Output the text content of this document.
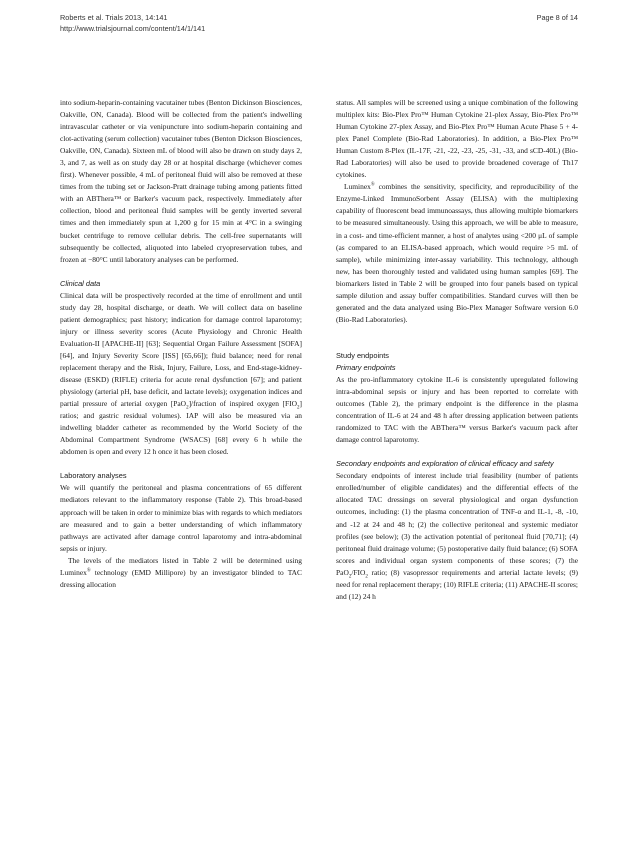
Roberts et al. Trials 2013, 14:141
http://www.trialsjournal.com/content/14/1/141
Page 8 of 14

into sodium-heparin-containing vacutainer tubes (Benton Dickinson Biosciences, Oakville, ON, Canada). Blood will be collected from the patient's indwelling intravascular catheter or via venipuncture into sodium-heparin containing and clot-activating (serum collection) vacutainer tubes (Benton Dickson Biosciences, Oakville, ON, Canada). Sixteen mL of blood will also be drawn on study days 2, 3, and 7, as well as on study day 28 or at hospital discharge (whichever comes first). Whenever possible, 4 mL of peritoneal fluid will also be removed at these times from the tubing set or Jackson-Pratt drainage tubing among patients fitted with an ABThera™ or Barker's vacuum pack, respectively. Immediately after collection, blood and peritoneal fluid samples will be gently inverted several times and then immediately spun at 1,200 g for 15 min at 4°C in a swinging bucket centrifuge to remove cellular debris. The cell-free supernatants will subsequently be collected, aliquoted into labeled cryopreservation tubes, and frozen at −80°C until laboratory analyses can be performed.

Clinical data

Clinical data will be prospectively recorded at the time of enrollment and until study day 28, hospital discharge, or death. We will collect data on baseline patient demographics; past history; indication for damage control laparotomy; injury or illness severity scores (Acute Physiology and Chronic Health Evaluation-II [APACHE-II] [63]; Sequential Organ Failure Assessment [SOFA] [64], and Injury Severity Score [ISS] [65,66]); fluid balance; need for renal replacement therapy and the Risk, Injury, Failure, Loss, and End-stage-kidney-disease (ESKD) (RIFLE) criteria for acute renal dysfunction [67]; and patient physiology (arterial pH, base deficit, and lactate levels); oxygenation indices and partial pressure of arterial oxygen [PaO$_2$]/fraction of inspired oxygen $[FIO_2]$ ratios; and gastric residual volumes). IAP will also be measured via an indwelling bladder catheter as recommended by the World Society of the Abdominal Compartment Syndrome (WSACS) [68] every 6 h while the abdomen is open and every 12 h once it has been closed.

Laboratory analyses

We will quantify the peritoneal and plasma concentrations of 65 different mediators relevant to the inflammatory response (Table 2). This broad-based approach will be taken in order to minimize bias with regards to which mediators are measured and to gain a better understanding of which inflammatory pathways are activated after damage control laparotomy and intra-abdominal sepsis or injury.

The levels of the mediators listed in Table 2 will be determined using Luminex® technology (EMD Millipore) by an investigator blinded to TAC dressing allocation

status. All samples will be screened using a unique combination of the following multiplex kits: Bio-Plex Pro™ Human Cytokine 21-plex Assay, Bio-Plex Pro™ Human Cytokine 27-plex Assay, and Bio-Plex Pro™ Human Acute Phase 5 + 4-plex Panel Complete (Bio-Rad Laboratories). In addition, a Bio-Plex Pro™ Human Custom 8-Plex (IL-17F, -21, -22, -23, -25, -31, -33, and sCD-40L) (Bio-Rad Laboratories) will also be used to provide broadened coverage of Th17 cytokines.

Luminex® combines the sensitivity, specificity, and reproducibility of the Enzyme-Linked ImmunoSorbent Assay (ELISA) with the multiplexing capability of fluorescent bead immunoassays, thus allowing multiple biomarkers to be measured simultaneously. Using this approach, we will be able to measure, in a cost- and time-efficient manner, a host of analytes using <200 μL of sample (as compared to an ELISA-based approach, which would require >5 mL of sample), while minimizing inter-assay variability. This technology, although new, has been thoroughly tested and validated using human samples [69]. The biomarkers listed in Table 2 will be grouped into four panels based on typical sample dilution and assay buffer compatibilities. Standard curves will then be generated and the data analyzed using Bio-Plex Manager Software version 6.0 (Bio-Rad Laboratories).

Study endpoints
Primary endpoints

As the pro-inflammatory cytokine IL-6 is consistently upregulated following intra-abdominal sepsis or injury and has been reported to correlate with outcomes (Table 2), the primary endpoint is the difference in the plasma concentration of IL-6 at 24 and 48 h after dressing application between patients randomized to TAC with the ABThera™ versus Barker's vacuum pack after damage control laparotomy.

Secondary endpoints and exploration of clinical efficacy and safety

Secondary endpoints of interest include trial feasibility (number of patients enrolled/number of eligible candidates) and the differential effects of the allocated TAC dressings on several physiological and organ dysfunction outcomes, including: (1) the plasma concentration of TNF-α and IL-1, -8, -10, and -12 at 24 and 48 h; (2) the collective peritoneal and systemic mediator profiles (see below); (3) the activation potential of peritoneal fluid [70,71]; (4) peritoneal fluid drainage volume; (5) postoperative daily fluid balance; (6) SOFA scores and individual organ system components of these scores; (7) the $PaO_2/FIO_2$ ratio; (8) vasopressor requirements and arterial lactate levels; (9) need for renal replacement therapy; (10) RIFLE criteria; (11) APACHE-II scores; and (12) 24 h
